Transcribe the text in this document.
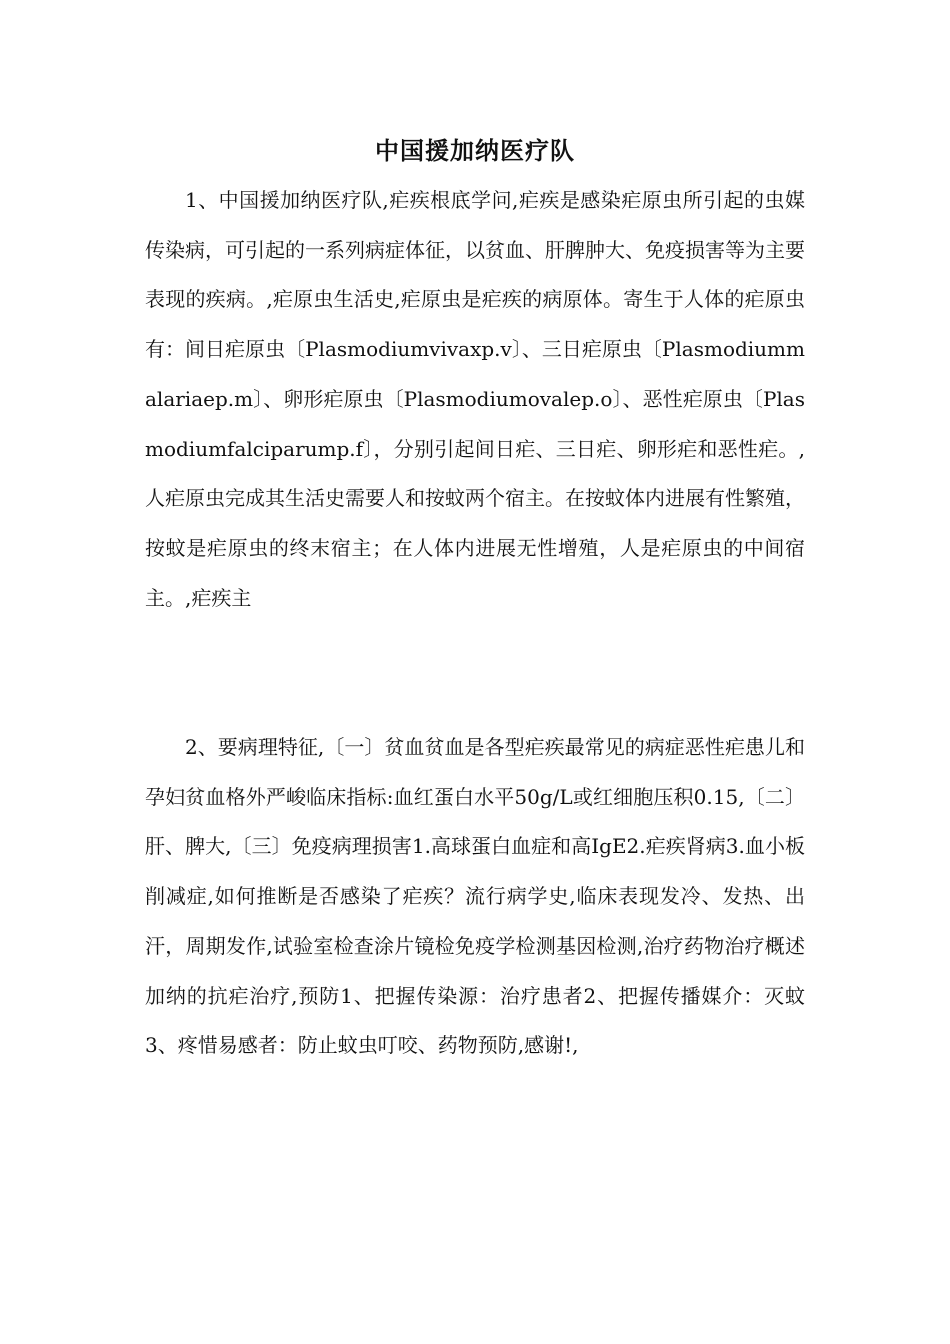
中国援加纳医疗队

1、中国援加纳医疗队,疟疾根底学问,疟疾是感染疟原虫所引起的虫媒传染病，可引起的一系列病症体征，以贫血、肝脾肿大、免疫损害等为主要表现的疾病。,疟原虫生活史,疟原虫是疟疾的病原体。寄生于人体的疟原虫有：间日疟原虫〔Plasmodiumvivaxp.v〕、三日疟原虫〔Plasmodiummalariaep.m〕、卵形疟原虫〔Plasmodiumovalep.o〕、恶性疟原虫〔Plasmodiumfalciparump.f〕，分别引起间日疟、三日疟、卵形疟和恶性疟。,人疟原虫完成其生活史需要人和按蚊两个宿主。在按蚊体内进展有性繁殖，按蚊是疟原虫的终末宿主；在人体内进展无性增殖，人是疟原虫的中间宿主。,疟疾主

2、要病理特征,〔一〕贫血贫血是各型疟疾最常见的病症恶性疟患儿和孕妇贫血格外严峻临床指标:血红蛋白水平50g/L或红细胞压积0.15,〔二〕肝、脾大,〔三〕免疫病理损害1.高球蛋白血症和高IgE2.疟疾肾病3.血小板削减症,如何推断是否感染了疟疾？流行病学史,临床表现发冷、发热、出汗，周期发作,试验室检查涂片镜检免疫学检测基因检测,治疗药物治疗概述加纳的抗疟治疗,预防1、把握传染源：治疗患者2、把握传播媒介：灭蚊3、疼惜易感者：防止蚊虫叮咬、药物预防,感谢!,
